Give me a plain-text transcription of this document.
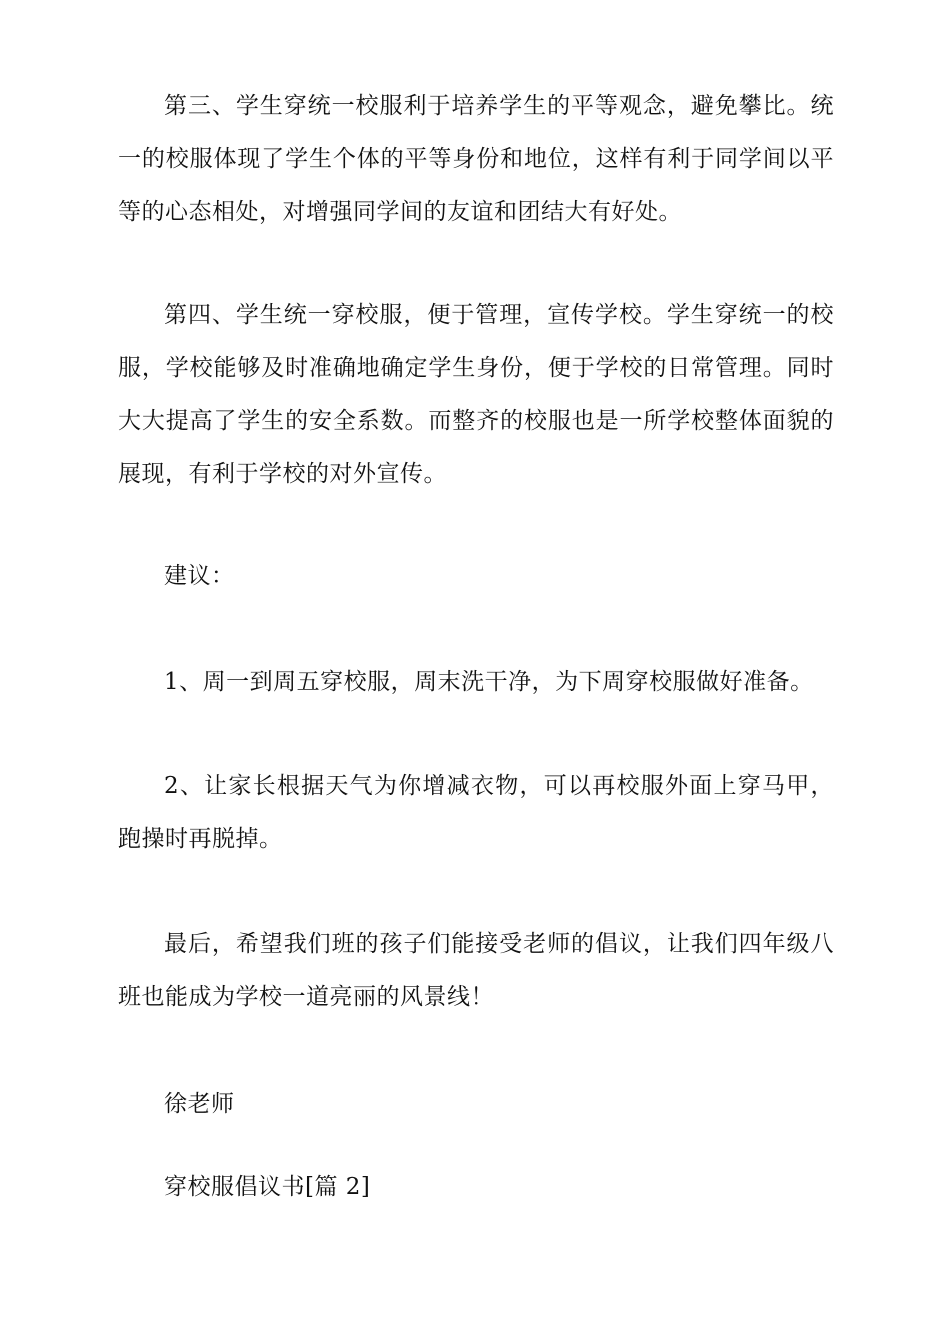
第三、学生穿统一校服利于培养学生的平等观念，避免攀比。统一的校服体现了学生个体的平等身份和地位，这样有利于同学间以平等的心态相处，对增强同学间的友谊和团结大有好处。

第四、学生统一穿校服，便于管理，宣传学校。学生穿统一的校服，学校能够及时准确地确定学生身份，便于学校的日常管理。同时大大提高了学生的安全系数。而整齐的校服也是一所学校整体面貌的展现，有利于学校的对外宣传。

建议：

1、周一到周五穿校服，周末洗干净，为下周穿校服做好准备。

2、让家长根据天气为你增减衣物，可以再校服外面上穿马甲，跑操时再脱掉。

最后，希望我们班的孩子们能接受老师的倡议，让我们四年级八班也能成为学校一道亮丽的风景线！

徐老师

穿校服倡议书[篇 2]
